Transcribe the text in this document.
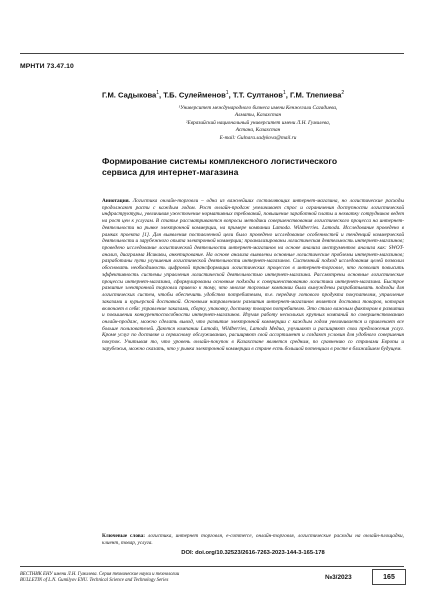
МРНТИ 73.47.10
Г.М. Садыкова$^1$, Т.Б. Сулейменов$^1$, Т.Т. Султанов$^1$, Г.М. Тлепиева$^2$
¹Университет международного бизнеса имени Кенжегали Сагадиева,
Алматы, Казахстан
²Евразийский национальный университет имени Л.Н. Гумилева,
Астана, Казахстан
E-mail: Gulnara.sadykova@mail.ru
Формирование системы комплексного логистического
сервиса для интернет-магазина
Аннотация. Логистика онлайн-торговли – одна из важнейших составляющих интернет-магазина, но логистические расходы продолжают расти с каждым годом. Рост онлайн-продаж увеличивает спрос и ограничения доступности логистической инфраструктуры, увеличивая ужесточение нормативных требований, повышение заработной платы и нехватку сотрудников ведет на рост цен к услугам. В статье рассматриваются вопросы методики совершенствования логистического процесса на интернет-деятельности на рынке электронной коммерции, на примере компании Lamoda. Wildberries. Lamoda. Исследование проведено в рамках проекта [1]. Для выявления поставленной цели было проведено исследование особенностей и тенденций коммерческой деятельности и зарубежного опыта электронной коммерции; проанализированы логистическая деятельность интернет-магазинов; проведено исследование логистической деятельности интернет-магазинов на основе анализа инструментов анализа как: SWOT-анализ, диаграмма Исикавы, анкетирование. На основе анализа выявлены основные логистические проблемы интернет-магазинов; разработаны пути улучшения логистической деятельности интернет-магазинов. Системный подход исследования целей позволил обосновать необходимость цифровой трансформации логистических процессов в интернет-торговле, что позволит повысить эффективность системы управления логистической деятельностью интернет-магазина. Рассмотрены основные логистические процессы интернет-магазина, сформулированы основные подходы к совершенствованию логистики интернет-магазина. Быстрое развитие электронной торговли привело к тому, что многие торговые компании были вынуждены разрабатывать подходы для логистических систем, чтобы обеспечить удобство потребителям, т.е. передачу готового продукта покупателям, управление заказами и курьерской доставкой. Основным направлением развития интернет-магазинов является доставка товаров, которая включает в себя: управление заказами, сборку, упаковку, доставку товаров потребителю. Это стало важным фактором в развитии и повышении конкурентоспособности интернет-магазинов. Изучая работу нескольких крупных компаний по совершенствованию онлайн-продаж, можно сделать вывод, что развитие электронной коммерции с каждым годом увеличивается и привлекает все больше пользователей. Даются компании Lamoda, Wildberries, Lamoda Медиа, улучшают и расширяют свои предложения услуг. Кроме услуг по доставке и сервисному обслуживанию, расширяют свой ассортимент и создают условия для удобного совершения покупок. Учитывая то, что уровень онлайн-покупок в Казахстане является средним, по сравнению со странами Европы и зарубежья, можно сказать, что у рынка электронной коммерции в стране есть большой потенциал в росте в ближайшем будущем.
Ключевые слова: логистика, интернет торговля, e-commerce, онлайн-торговля, логистические расходы на онлайн-площадки, клиент, товар, услуга.
DOI: doi.org/10.32523/2616-7263-2023-144-3-165-178
ВЕСТНИК ЕНУ имени Л.Н. Гумилева. Серия технические науки и технологии
BULLETIN of L.N. Gumilyov ENU. Technical Science and Technology Series	№3/2023	165
